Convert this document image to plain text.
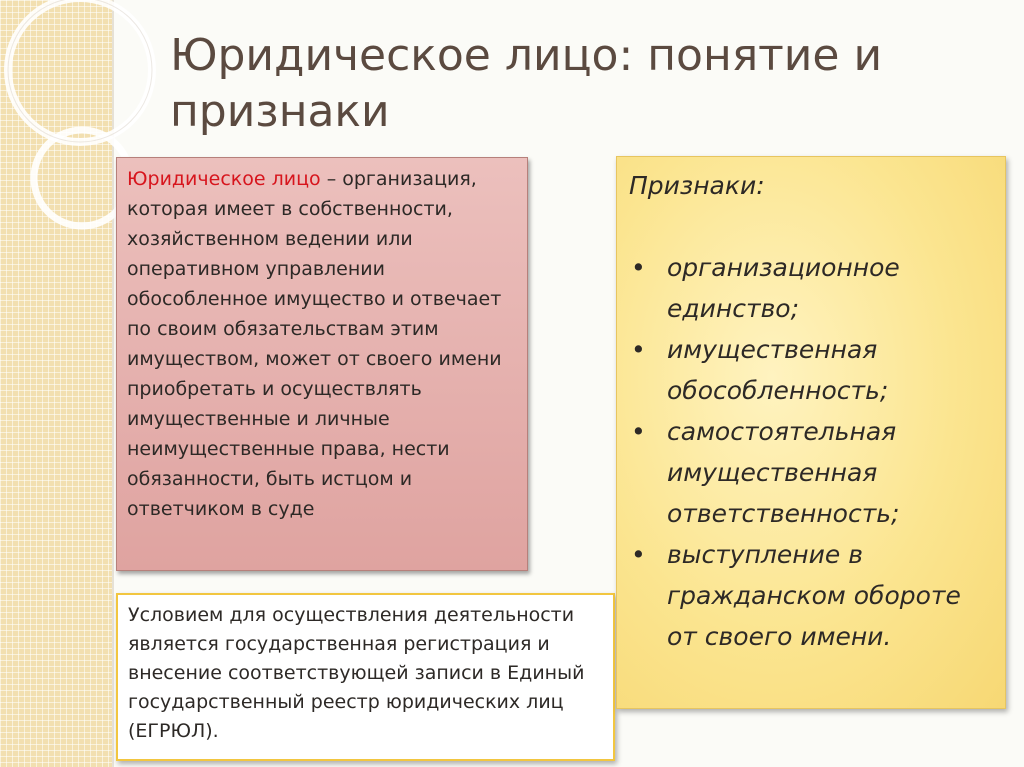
Юридическое лицо: понятие и признаки
Юридическое лицо – организация, которая имеет в собственности, хозяйственном ведении или оперативном управлении обособленное имущество и отвечает по своим обязательствам этим имуществом, может от своего имени приобретать и осуществлять имущественные и личные неимущественные права, нести обязанности, быть истцом и ответчиком в суде
Условием для осуществления деятельности является государственная регистрация и внесение соответствующей записи в Единый государственный реестр юридических лиц (ЕГРЮЛ).

Признаки:

• организационное единство;
• имущественная обособленность;
• самостоятельная имущественная ответственность;
• выступление в гражданском обороте от своего имени.
